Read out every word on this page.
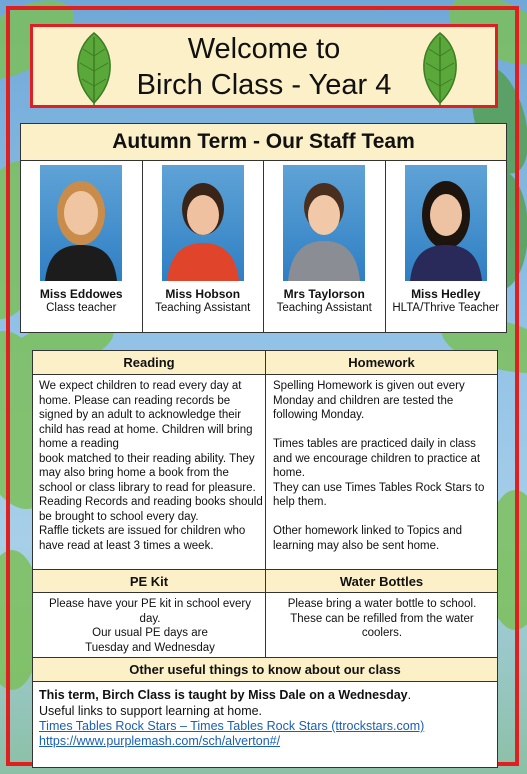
Welcome to
Birch Class - Year 4
Autumn Term - Our Staff Team
Miss Eddowes
Class teacher
Miss Hobson
Teaching Assistant
Mrs Taylorson
Teaching Assistant
Miss Hedley
HLTA/Thrive Teacher
Reading	Homework
We expect children to read every day at home. Please can reading records be signed by an adult to acknowledge their child has read at home. Children will bring home a reading
book matched to their reading ability. They may also bring home a book from the school or class library to read for pleasure. Reading Records and reading books should be brought to school every day.
Raffle tickets are issued for children who have read at least 3 times a week.
Spelling Homework is given out every Monday and children are tested the following Monday.

Times tables are practiced daily in class and we encourage children to practice at home.
They can use Times Tables Rock Stars to help them.

Other homework linked to Topics and learning may also be sent home.
PE Kit	Water Bottles
Please have your PE kit in school every day.
Our usual PE days are
Tuesday and Wednesday
Please bring a water bottle to school. These can be refilled from the water coolers.
Other useful things to know about our class
This term, Birch Class is taught by Miss Dale on a Wednesday.
Useful links to support learning at home.
Times Tables Rock Stars – Times Tables Rock Stars (ttrockstars.com)
https://www.purplemash.com/sch/alverton#/
